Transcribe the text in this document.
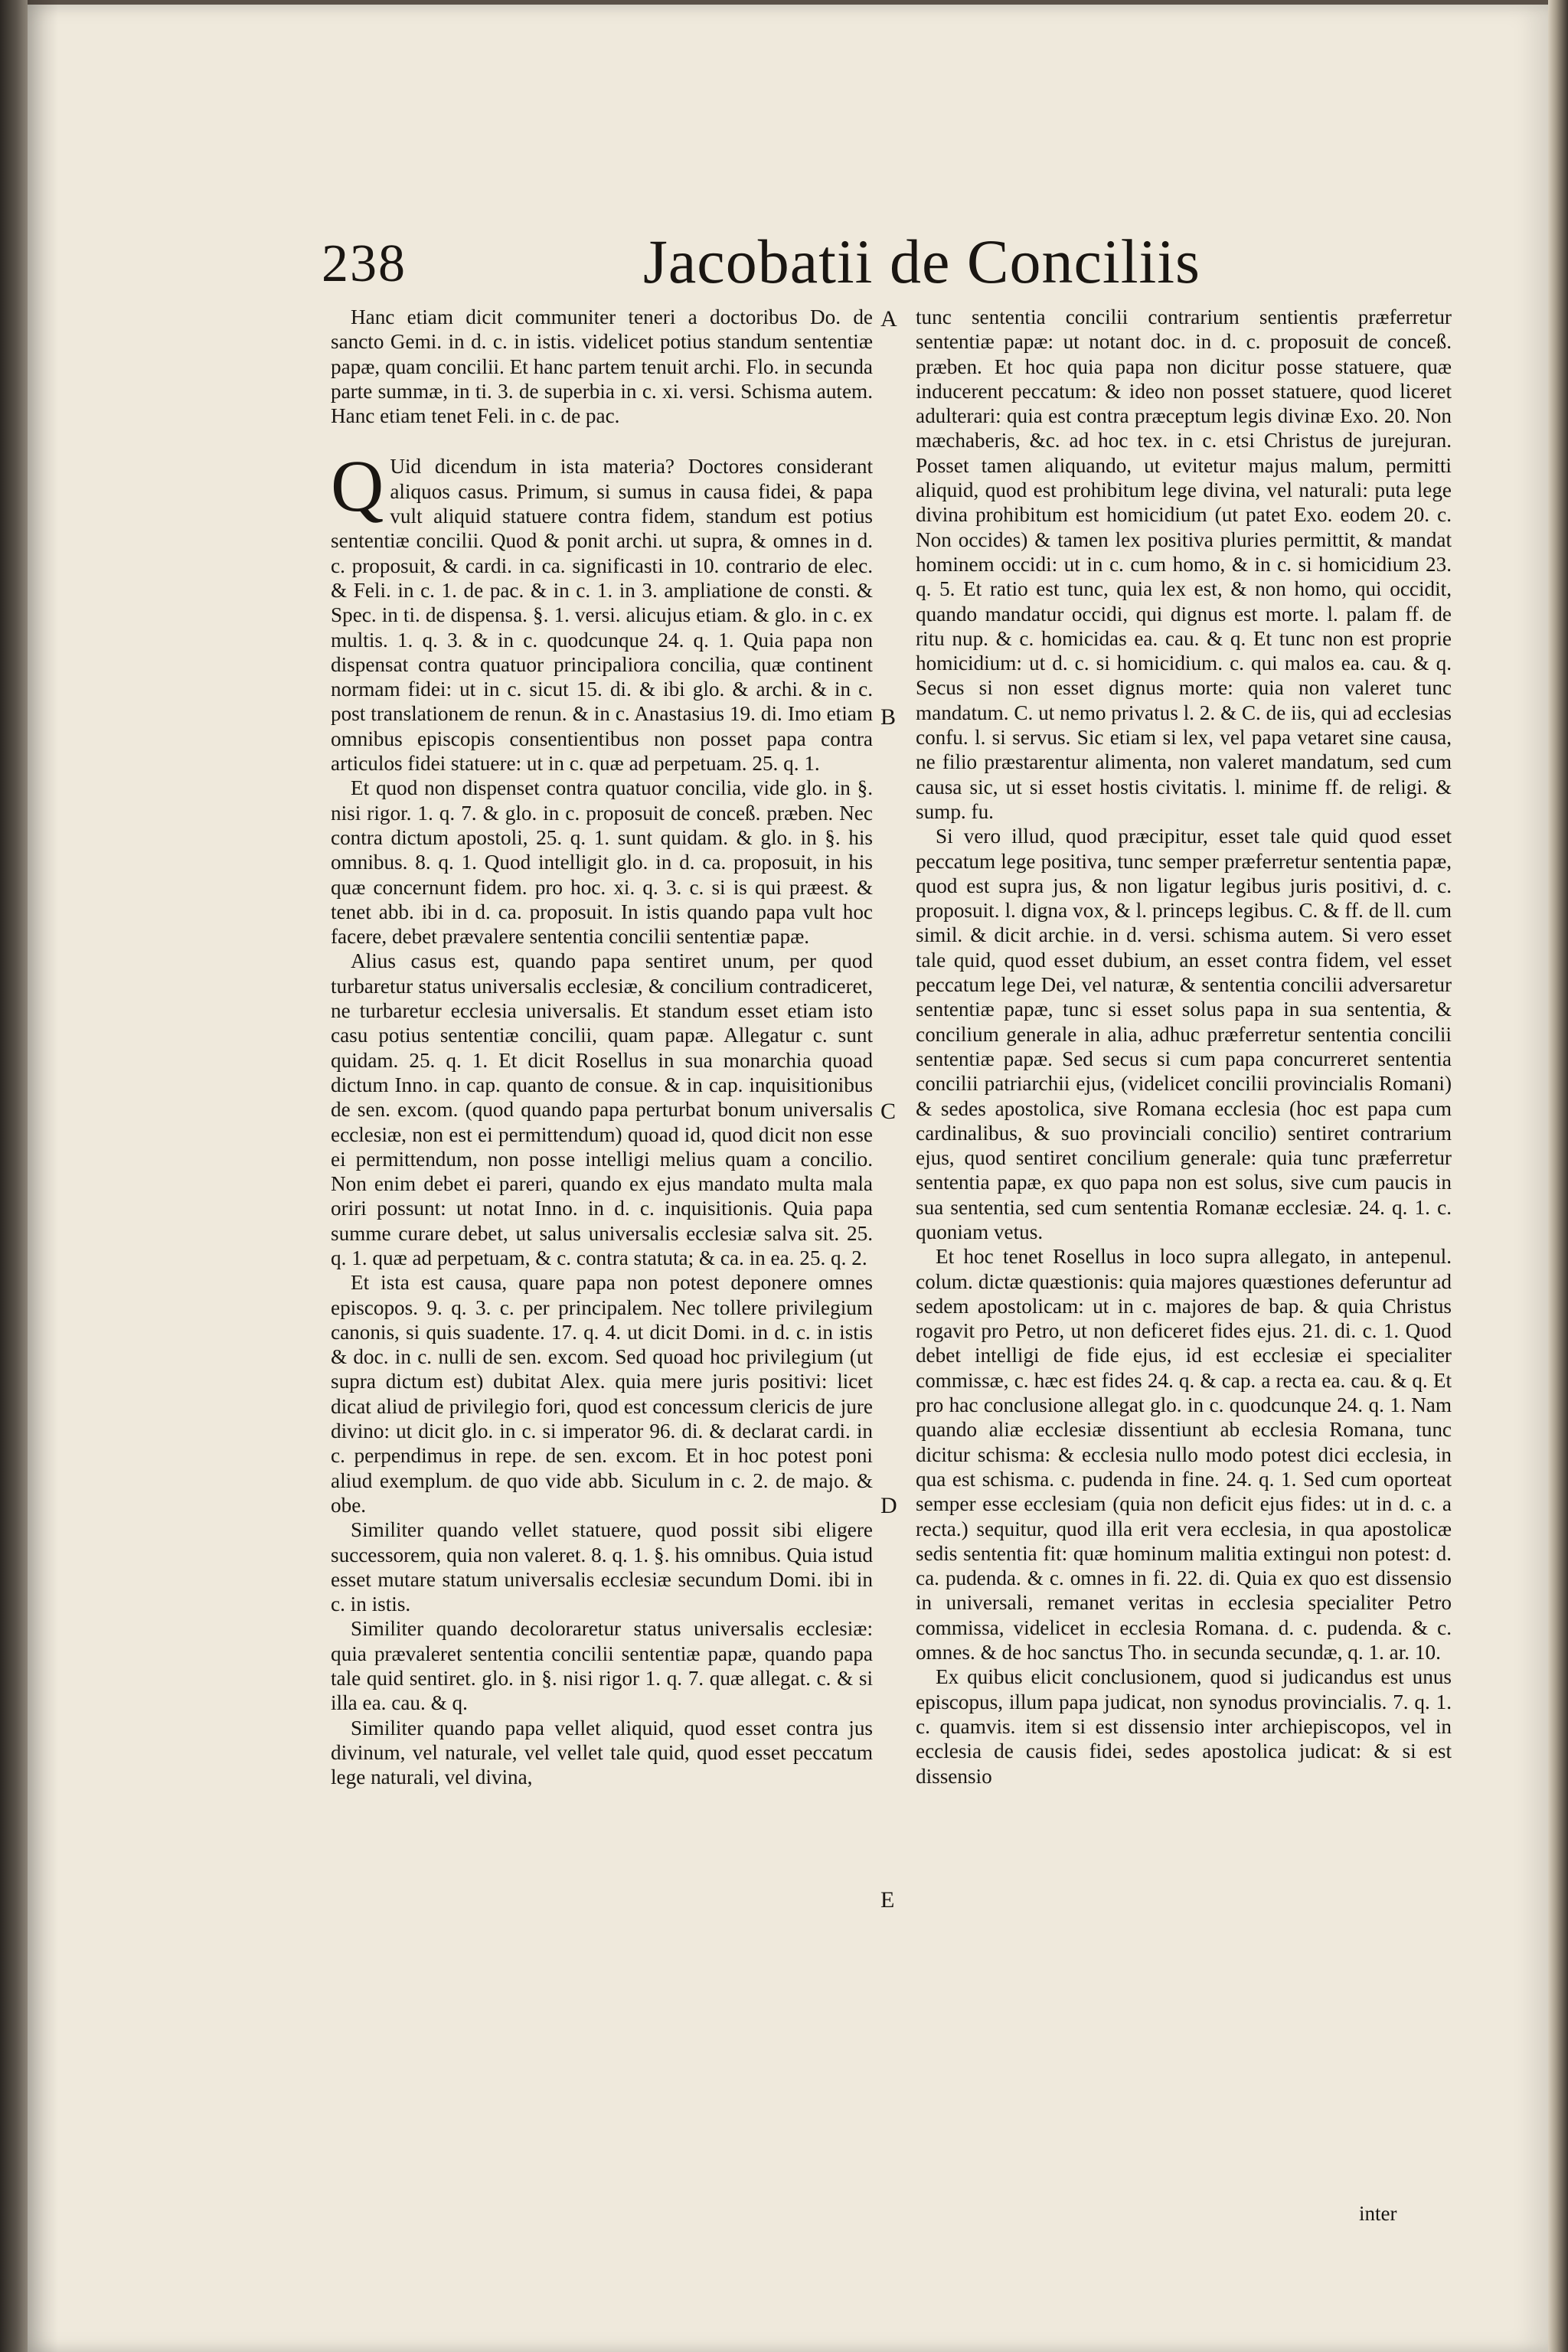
238	Jacobatii de Conciliis

Hanc etiam dicit communiter teneri a doctoribus Do. de sancto Gemi. in d. c. in istis. videlicet potius standum sententiæ papæ, quam concilii. Et hanc partem tenuit archi. Flo. in secunda parte summæ, in ti. 3. de superbia in c. xi. versi. Schisma autem. Hanc etiam tenet Feli. in c. de pac.

Q Uid dicendum in ista materia? Doctores considerant aliquos casus. Primum, si sumus in causa fidei, & papa vult aliquid statuere contra fidem, standum est potius sententiæ concilii. Quod & ponit archi. ut supra, & omnes in d. c. proposuit, & cardi. in ca. significasti in 10. contrario de elec. & Feli. in c. 1. de pac. & in c. 1. in 3. ampliatione de consti. & Spec. in ti. de dispensa. §. 1. versi. alicujus etiam. & glo. in c. ex multis. 1. q. 3. & in c. quodcunque 24. q. 1. Quia papa non dispensat contra quatuor principaliora concilia, quæ continent normam fidei: ut in c. sicut 15. di. & ibi glo. & archi. & in c. post translationem de renun. & in c. Anastasius 19. di. Imo etiam omnibus episcopis consentientibus non posset papa contra articulos fidei statuere: ut in c. quæ ad perpetuam. 25. q. 1.

Et quod non dispenset contra quatuor concilia, vide glo. in §. nisi rigor. 1. q. 7. & glo. in c. proposuit de conceß. præben. Nec contra dictum apostoli, 25. q. 1. sunt quidam. & glo. in §. his omnibus. 8. q. 1. Quod intelligit glo. in d. ca. proposuit, in his quæ concernunt fidem. pro hoc. xi. q. 3. c. si is qui præest. & tenet abb. ibi in d. ca. proposuit. In istis quando papa vult hoc facere, debet prævalere sententia concilii sententiæ papæ.

Alius casus est, quando papa sentiret unum, per quod turbaretur status universalis ecclesiæ, & concilium contradiceret, ne turbaretur ecclesia universalis. Et standum esset etiam isto casu potius sententiæ concilii, quam papæ. Allegatur c. sunt quidam. 25. q. 1. Et dicit Rosellus in sua monarchia quoad dictum Inno. in cap. quanto de consue. & in cap. inquisitionibus de sen. excom. (quod quando papa perturbat bonum universalis ecclesiæ, non est ei permittendum) quoad id, quod dicit non esse ei permittendum, non posse intelligi melius quam a concilio. Non enim debet ei pareri, quando ex ejus mandato multa mala oriri possunt: ut notat Inno. in d. c. inquisitionis. Quia papa summe curare debet, ut salus universalis ecclesiæ salva sit. 25. q. 1. quæ ad perpetuam, & c. contra statuta; & ca. in ea. 25. q. 2.

Et ista est causa, quare papa non potest deponere omnes episcopos. 9. q. 3. c. per principalem. Nec tollere privilegium canonis, si quis suadente. 17. q. 4. ut dicit Domi. in d. c. in istis & doc. in c. nulli de sen. excom. Sed quoad hoc privilegium (ut supra dictum est) dubitat Alex. quia mere juris positivi: licet dicat aliud de privilegio fori, quod est concessum clericis de jure divino: ut dicit glo. in c. si imperator 96. di. & declarat cardi. in c. perpendimus in repe. de sen. excom. Et in hoc potest poni aliud exemplum. de quo vide abb. Siculum in c. 2. de majo. & obe.

Similiter quando vellet statuere, quod possit sibi eligere successorem, quia non valeret. 8. q. 1. §. his omnibus. Quia istud esset mutare statum universalis ecclesiæ secundum Domi. ibi in c. in istis.

Similiter quando decoloraretur status universalis ecclesiæ: quia prævaleret sententia concilii sententiæ papæ, quando papa tale quid sentiret. glo. in §. nisi rigor 1. q. 7. quæ allegat. c. & si illa ea. cau. & q.

Similiter quando papa vellet aliquid, quod esset contra jus divinum, vel naturale, vel vellet tale quid, quod esset peccatum lege naturali, vel divina,

A
B
C
D
E

tunc sententia concilii contrarium sentientis præferretur sententiæ papæ: ut notant doc. in d. c. proposuit de conceß. præben. Et hoc quia papa non dicitur posse statuere, quæ inducerent peccatum: & ideo non posset statuere, quod liceret adulterari: quia est contra præceptum legis divinæ Exo. 20. Non mæchaberis, &c. ad hoc tex. in c. etsi Christus de jurejuran. Posset tamen aliquando, ut evitetur majus malum, permitti aliquid, quod est prohibitum lege divina, vel naturali: puta lege divina prohibitum est homicidium (ut patet Exo. eodem 20. c. Non occides) & tamen lex positiva pluries permittit, & mandat hominem occidi: ut in c. cum homo, & in c. si homicidium 23. q. 5. Et ratio est tunc, quia lex est, & non homo, qui occidit, quando mandatur occidi, qui dignus est morte. l. palam ff. de ritu nup. & c. homicidas ea. cau. & q. Et tunc non est proprie homicidium: ut d. c. si homicidium. c. qui malos ea. cau. & q. Secus si non esset dignus morte: quia non valeret tunc mandatum. C. ut nemo privatus l. 2. & C. de iis, qui ad ecclesias confu. l. si servus. Sic etiam si lex, vel papa vetaret sine causa, ne filio præstarentur alimenta, non valeret mandatum, sed cum causa sic, ut si esset hostis civitatis. l. minime ff. de religi. & sump. fu.

Si vero illud, quod præcipitur, esset tale quid quod esset peccatum lege positiva, tunc semper præferretur sententia papæ, quod est supra jus, & non ligatur legibus juris positivi, d. c. proposuit. l. digna vox, & l. princeps legibus. C. & ff. de ll. cum simil. & dicit archie. in d. versi. schisma autem. Si vero esset tale quid, quod esset dubium, an esset contra fidem, vel esset peccatum lege Dei, vel naturæ, & sententia concilii adversaretur sententiæ papæ, tunc si esset solus papa in sua sententia, & concilium generale in alia, adhuc præferretur sententia concilii sententiæ papæ. Sed secus si cum papa concurreret sententia concilii patriarchii ejus, (videlicet concilii provincialis Romani) & sedes apostolica, sive Romana ecclesia (hoc est papa cum cardinalibus, & suo provinciali concilio) sentiret contrarium ejus, quod sentiret concilium generale: quia tunc præferretur sententia papæ, ex quo papa non est solus, sive cum paucis in sua sententia, sed cum sententia Romanæ ecclesiæ. 24. q. 1. c. quoniam vetus.

Et hoc tenet Rosellus in loco supra allegato, in antepenul. colum. dictæ quæstionis: quia majores quæstiones deferuntur ad sedem apostolicam: ut in c. majores de bap. & quia Christus rogavit pro Petro, ut non deficeret fides ejus. 21. di. c. 1. Quod debet intelligi de fide ejus, id est ecclesiæ ei specialiter commissæ, c. hæc est fides 24. q. & cap. a recta ea. cau. & q. Et pro hac conclusione allegat glo. in c. quodcunque 24. q. 1. Nam quando aliæ ecclesiæ dissentiunt ab ecclesia Romana, tunc dicitur schisma: & ecclesia nullo modo potest dici ecclesia, in qua est schisma. c. pudenda in fine. 24. q. 1. Sed cum oporteat semper esse ecclesiam (quia non deficit ejus fides: ut in d. c. a recta.) sequitur, quod illa erit vera ecclesia, in qua apostolicæ sedis sententia fit: quæ hominum malitia extingui non potest: d. ca. pudenda. & c. omnes in fi. 22. di. Quia ex quo est dissensio in universali, remanet veritas in ecclesia specialiter Petro commissa, videlicet in ecclesia Romana. d. c. pudenda. & c. omnes. & de hoc sanctus Tho. in secunda secundæ, q. 1. ar. 10.

Ex quibus elicit conclusionem, quod si judicandus est unus episcopus, illum papa judicat, non synodus provincialis. 7. q. 1. c. quamvis. item si est dissensio inter archiepiscopos, vel in ecclesia de causis fidei, sedes apostolica judicat: & si est dissensio

inter
